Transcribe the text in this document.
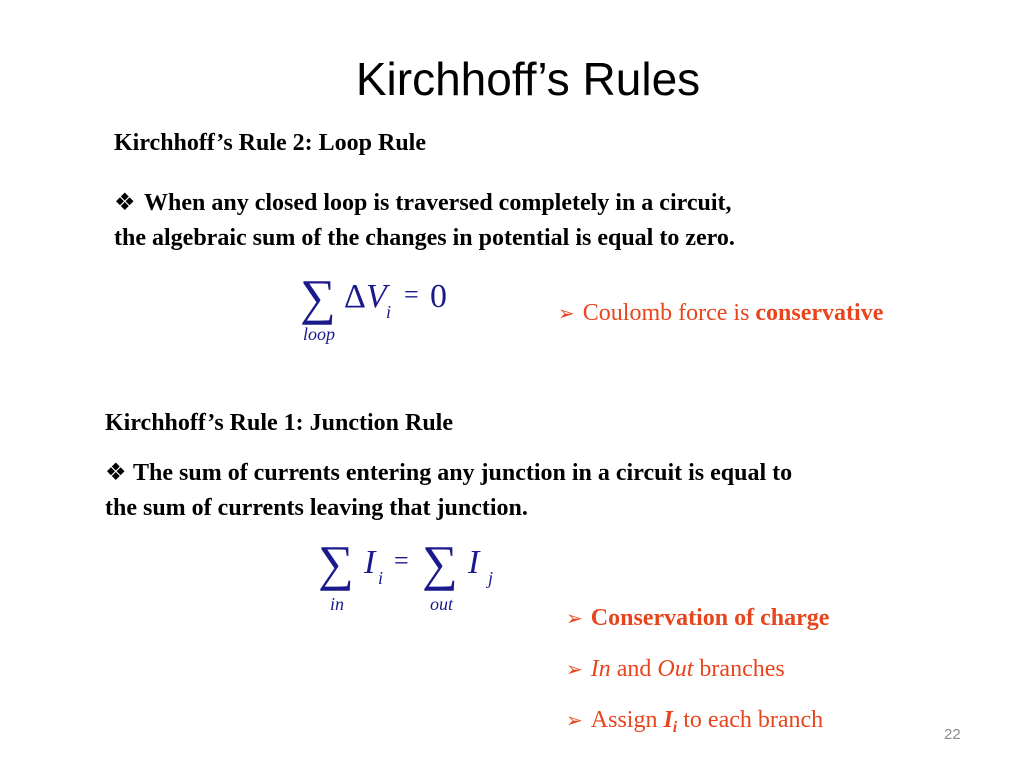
Kirchhoff’s Rules
Kirchhoff’s Rule 2: Loop Rule
❖ When any closed loop is traversed completely in a circuit,
the algebraic sum of the changes in potential is equal to zero.
∑ Δ V i
= 0
loop
➢ Coulomb force is conservative
Kirchhoff’s Rule 1: Junction Rule
❖ The sum of currents entering any junction in a circuit is equal to
the sum of currents leaving that junction.
∑ I i
= ∑ I j
in	out
➢ Conservation of charge
➢ In and Out branches
➢ Assign $I_i$ to each branch
22
